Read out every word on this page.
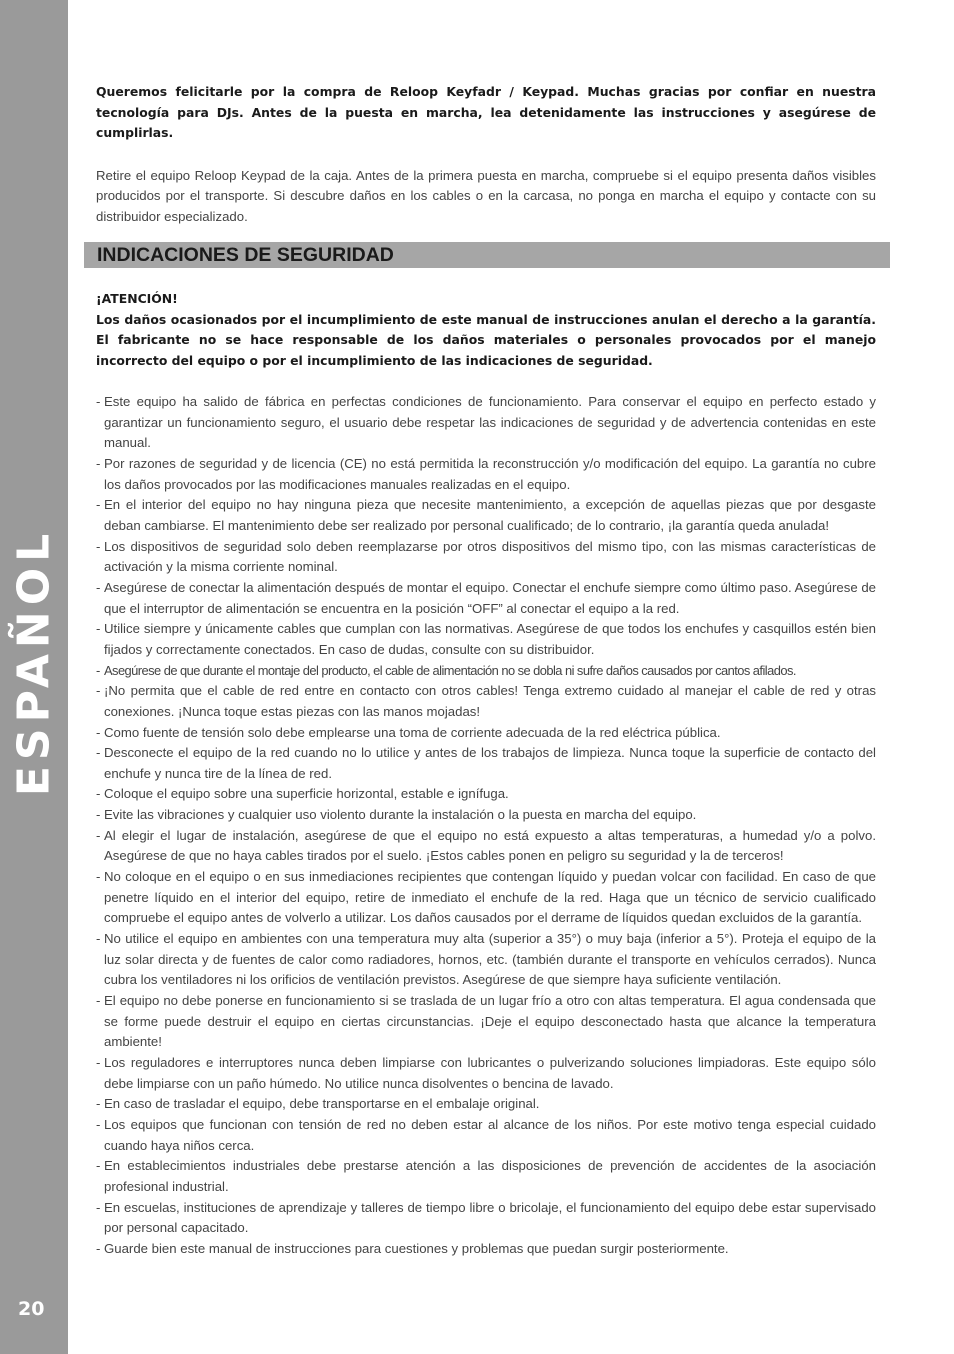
ESPAÑOL
20

Queremos felicitarle por la compra de Reloop Keyfadr / Keypad. Muchas gracias por confiar en nuestra tecnología para DJs. Antes de la puesta en marcha, lea detenidamente las instrucciones y asegúrese de cumplirlas.

Retire el equipo Reloop Keypad de la caja. Antes de la primera puesta en marcha, compruebe si el equipo presenta daños visibles producidos por el transporte. Si descubre daños en los cables o en la carcasa, no ponga en marcha el equipo y contacte con su distribuidor especializado.

INDICACIONES DE SEGURIDAD

¡ATENCIÓN!

Los daños ocasionados por el incumplimiento de este manual de instrucciones anulan el derecho a la garantía. El fabricante no se hace responsable de los daños materiales o personales provocados por el manejo incorrecto del equipo o por el incumplimiento de las indicaciones de seguridad.

- Este equipo ha salido de fábrica en perfectas condiciones de funcionamiento. Para conservar el equipo en perfecto estado y garantizar un funcionamiento seguro, el usuario debe respetar las indicaciones de seguridad y de advertencia contenidas en este manual.
- Por razones de seguridad y de licencia (CE) no está permitida la reconstrucción y/o modificación del equipo. La garantía no cubre los daños provocados por las modificaciones manuales realizadas en el equipo.
- En el interior del equipo no hay ninguna pieza que necesite mantenimiento, a excepción de aquellas piezas que por desgaste deban cambiarse. El mantenimiento debe ser realizado por personal cualificado; de lo contrario, ¡la garantía queda anulada!
- Los dispositivos de seguridad solo deben reemplazarse por otros dispositivos del mismo tipo, con las mismas características de activación y la misma corriente nominal.
- Asegúrese de conectar la alimentación después de montar el equipo. Conectar el enchufe siempre como último paso. Asegúrese de que el interruptor de alimentación se encuentra en la posición “OFF” al conectar el equipo a la red.
- Utilice siempre y únicamente cables que cumplan con las normativas. Asegúrese de que todos los enchufes y casquillos estén bien fijados y correctamente conectados. En caso de dudas, consulte con su distribuidor.
- Asegúrese de que durante el montaje del producto, el cable de alimentación no se dobla ni sufre daños causados por cantos afilados.
- ¡No permita que el cable de red entre en contacto con otros cables! Tenga extremo cuidado al manejar el cable de red y otras conexiones. ¡Nunca toque estas piezas con las manos mojadas!
- Como fuente de tensión solo debe emplearse una toma de corriente adecuada de la red eléctrica pública.
- Desconecte el equipo de la red cuando no lo utilice y antes de los trabajos de limpieza. Nunca toque la superficie de contacto del enchufe y nunca tire de la línea de red.
- Coloque el equipo sobre una superficie horizontal, estable e ignífuga.
- Evite las vibraciones y cualquier uso violento durante la instalación o la puesta en marcha del equipo.
- Al elegir el lugar de instalación, asegúrese de que el equipo no está expuesto a altas temperaturas, a humedad y/o a polvo. Asegúrese de que no haya cables tirados por el suelo. ¡Estos cables ponen en peligro su seguridad y la de terceros!
- No coloque en el equipo o en sus inmediaciones recipientes que contengan líquido y puedan volcar con facilidad. En caso de que penetre líquido en el interior del equipo, retire de inmediato el enchufe de la red. Haga que un técnico de servicio cualificado compruebe el equipo antes de volverlo a utilizar. Los daños causados por el derrame de líquidos quedan excluidos de la garantía.
- No utilice el equipo en ambientes con una temperatura muy alta (superior a 35°) o muy baja (inferior a 5°). Proteja el equipo de la luz solar directa y de fuentes de calor como radiadores, hornos, etc. (también durante el transporte en vehículos cerrados). Nunca cubra los ventiladores ni los orificios de ventilación previstos. Asegúrese de que siempre haya suficiente ventilación.
- El equipo no debe ponerse en funcionamiento si se traslada de un lugar frío a otro con altas temperatura. El agua condensada que se forme puede destruir el equipo en ciertas circunstancias. ¡Deje el equipo desconectado hasta que alcance la temperatura ambiente!
- Los reguladores e interruptores nunca deben limpiarse con lubricantes o pulverizando soluciones limpiadoras. Este equipo sólo debe limpiarse con un paño húmedo. No utilice nunca disolventes o bencina de lavado.
- En caso de trasladar el equipo, debe transportarse en el embalaje original.
- Los equipos que funcionan con tensión de red no deben estar al alcance de los niños. Por este motivo tenga especial cuidado cuando haya niños cerca.
- En establecimientos industriales debe prestarse atención a las disposiciones de prevención de accidentes de la asociación profesional industrial.
- En escuelas, instituciones de aprendizaje y talleres de tiempo libre o bricolaje, el funcionamiento del equipo debe estar supervisado por personal capacitado.
- Guarde bien este manual de instrucciones para cuestiones y problemas que puedan surgir posteriormente.
